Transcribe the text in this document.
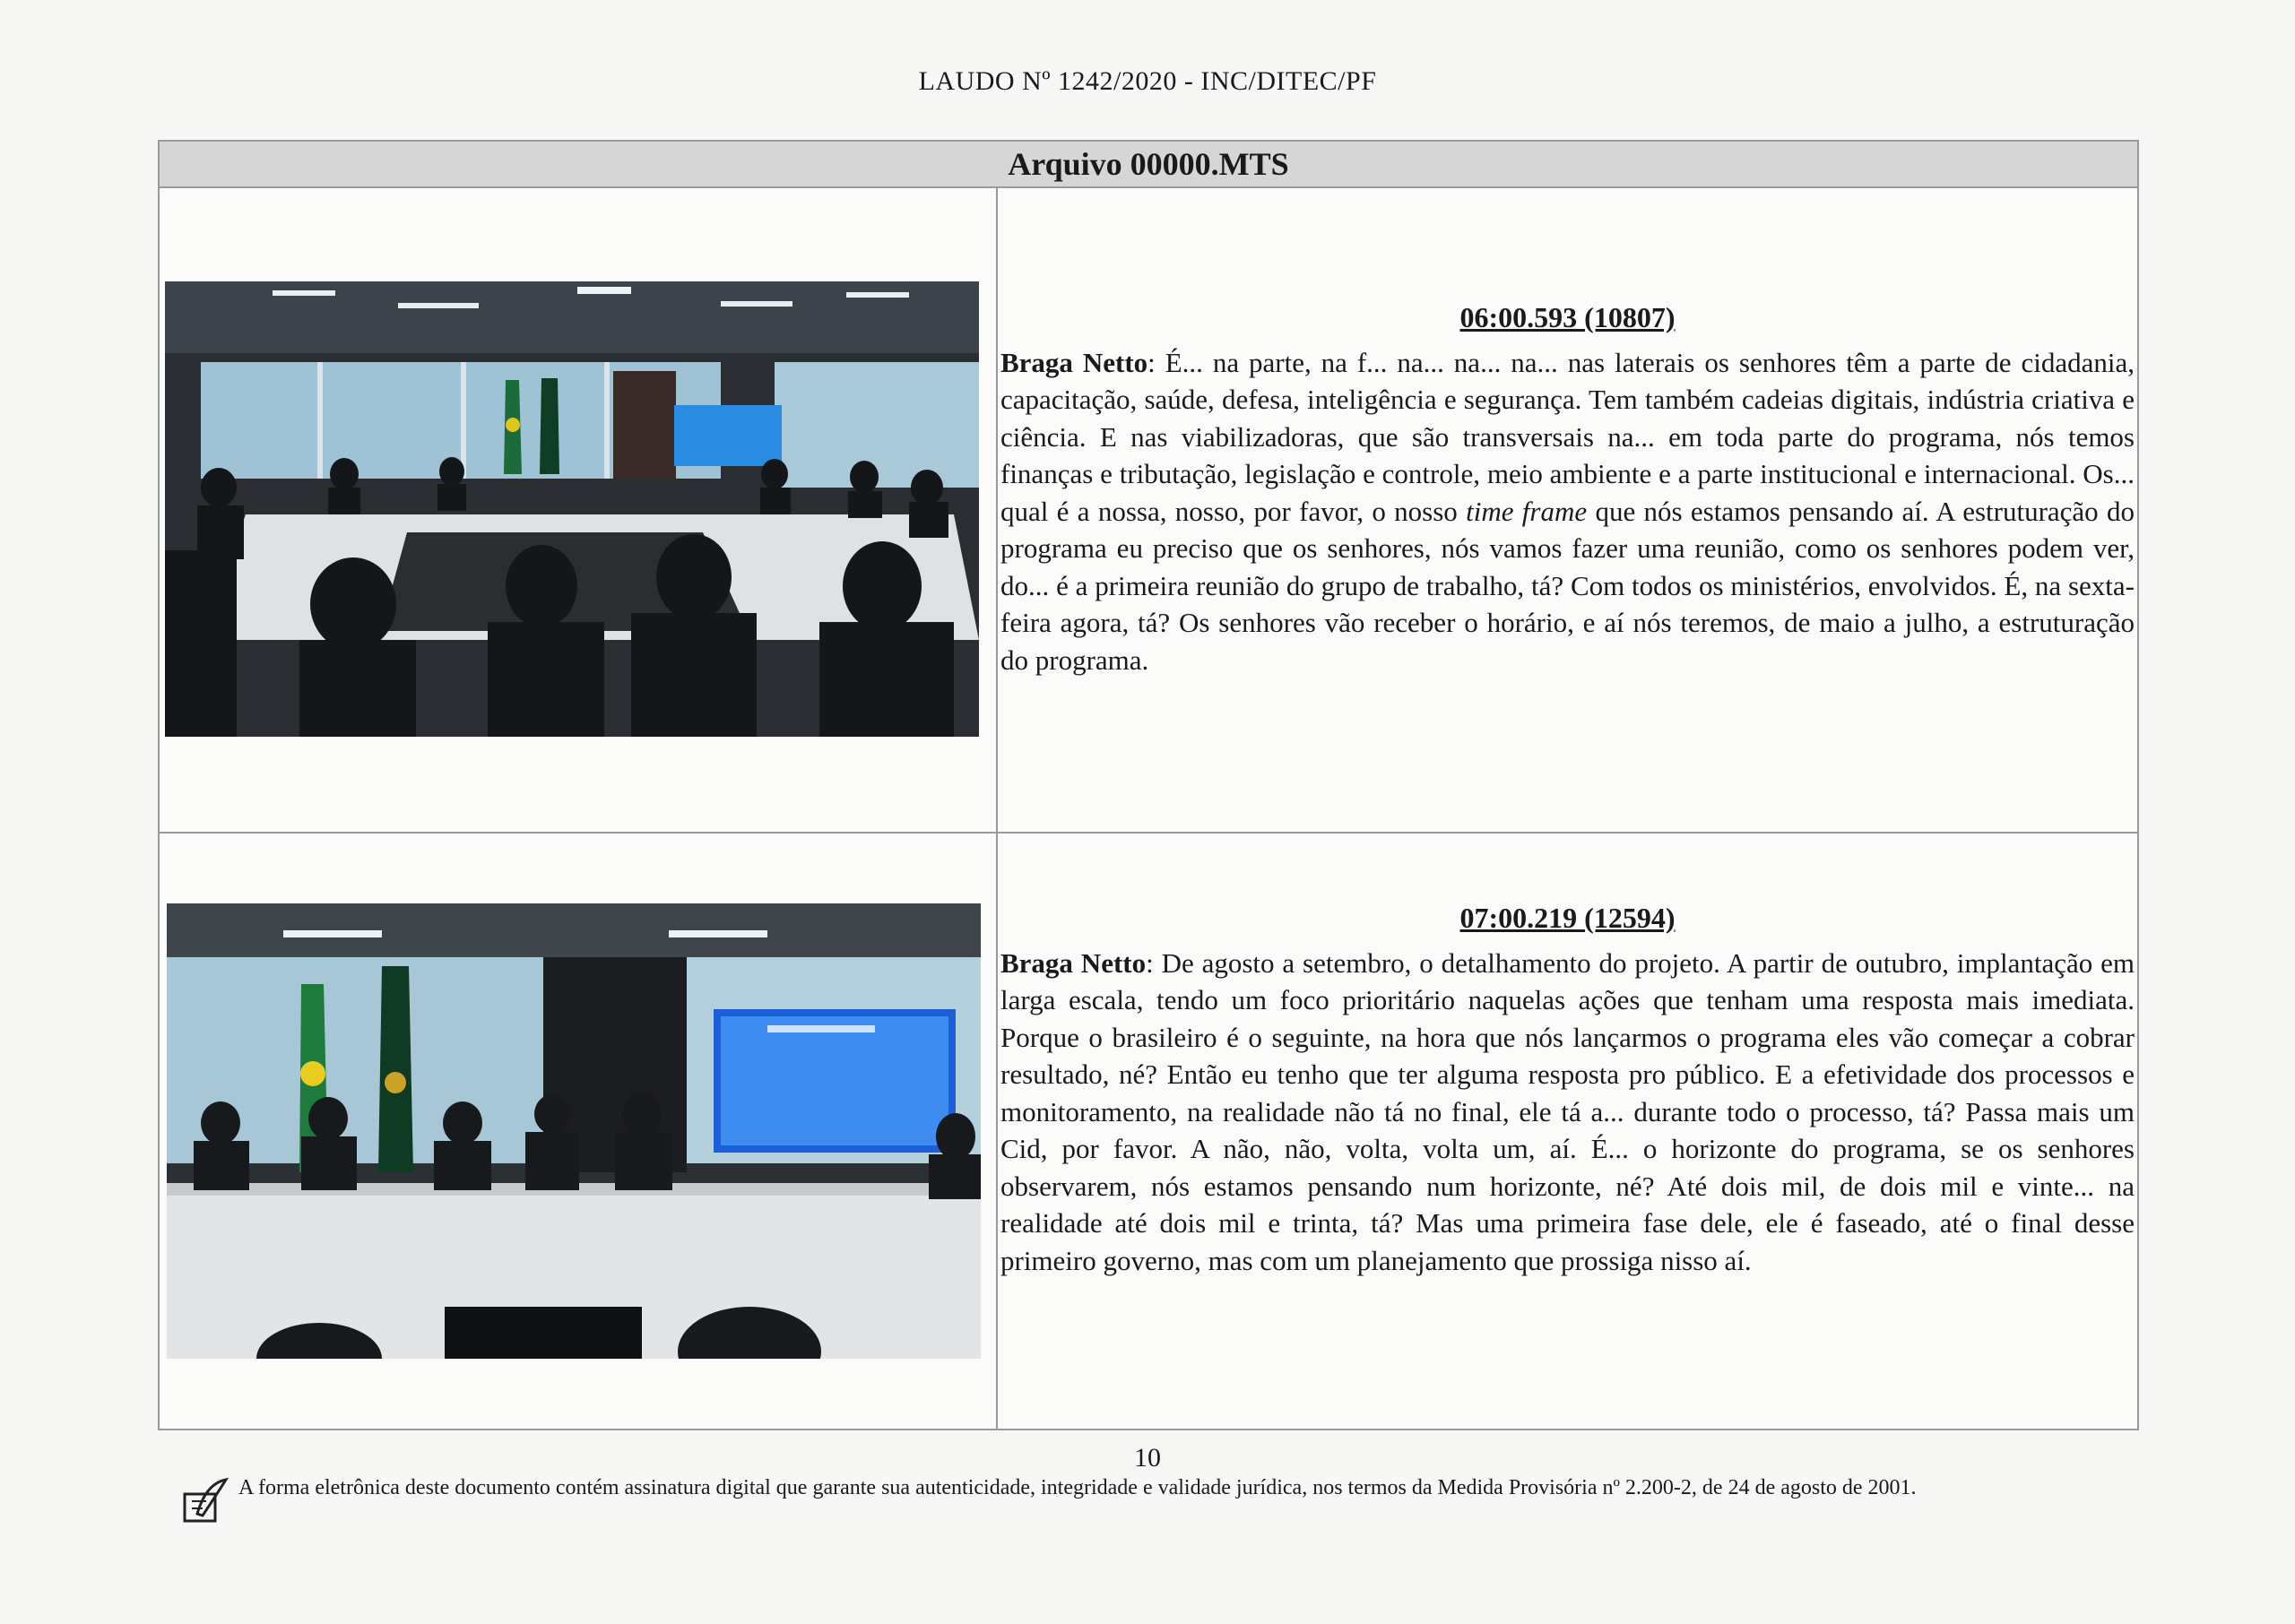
LAUDO Nº 1242/2020 - INC/DITEC/PF
Arquivo 00000.MTS
06:00.593 (10807)
Braga Netto: É... na parte, na f... na... na... na... nas laterais os senhores têm a parte de cidadania, capacitação, saúde, defesa, inteligência e segurança. Tem também cadeias digitais, indústria criativa e ciência. E nas viabilizadoras, que são transversais na... em toda parte do programa, nós temos finanças e tributação, legislação e controle, meio ambiente e a parte institucional e internacional. Os... qual é a nossa, nosso, por favor, o nosso time frame que nós estamos pensando aí. A estruturação do programa eu preciso que os senhores, nós vamos fazer uma reunião, como os senhores podem ver, do... é a primeira reunião do grupo de trabalho, tá? Com todos os ministérios, envolvidos. É, na sexta-feira agora, tá? Os senhores vão receber o horário, e aí nós teremos, de maio a julho, a estruturação do programa.
07:00.219 (12594)
Braga Netto: De agosto a setembro, o detalhamento do projeto. A partir de outubro, implantação em larga escala, tendo um foco prioritário naquelas ações que tenham uma resposta mais imediata. Porque o brasileiro é o seguinte, na hora que nós lançarmos o programa eles vão começar a cobrar resultado, né? Então eu tenho que ter alguma resposta pro público. E a efetividade dos processos e monitoramento, na realidade não tá no final, ele tá a... durante todo o processo, tá? Passa mais um Cid, por favor. A não, não, volta, volta um, aí. É... o horizonte do programa, se os senhores observarem, nós estamos pensando num horizonte, né? Até dois mil, de dois mil e vinte... na realidade até dois mil e trinta, tá? Mas uma primeira fase dele, ele é faseado, até o final desse primeiro governo, mas com um planejamento que prossiga nisso aí.
10
A forma eletrônica deste documento contém assinatura digital que garante sua autenticidade, integridade e validade jurídica, nos termos da Medida Provisória nº 2.200-2, de 24 de agosto de 2001.
